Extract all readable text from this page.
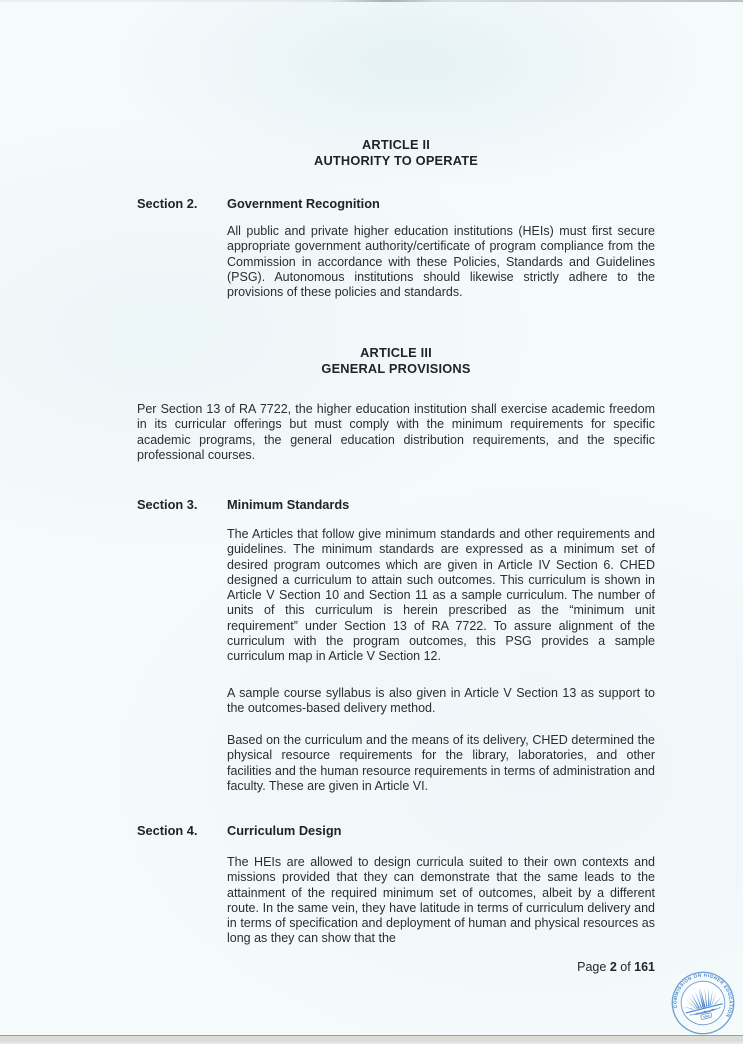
ARTICLE II
AUTHORITY TO OPERATE
Section 2. Government Recognition

All public and private higher education institutions (HEIs) must first secure appropriate government authority/certificate of program compliance from the Commission in accordance with these Policies, Standards and Guidelines (PSG). Autonomous institutions should likewise strictly adhere to the provisions of these policies and standards.

ARTICLE III
GENERAL PROVISIONS

Per Section 13 of RA 7722, the higher education institution shall exercise academic freedom in its curricular offerings but must comply with the minimum requirements for specific academic programs, the general education distribution requirements, and the specific professional courses.

Section 3. Minimum Standards

The Articles that follow give minimum standards and other requirements and guidelines. The minimum standards are expressed as a minimum set of desired program outcomes which are given in Article IV Section 6. CHED designed a curriculum to attain such outcomes. This curriculum is shown in Article V Section 10 and Section 11 as a sample curriculum. The number of units of this curriculum is herein prescribed as the “minimum unit requirement” under Section 13 of RA 7722. To assure alignment of the curriculum with the program outcomes, this PSG provides a sample curriculum map in Article V Section 12.

A sample course syllabus is also given in Article V Section 13 as support to the outcomes-based delivery method.

Based on the curriculum and the means of its delivery, CHED determined the physical resource requirements for the library, laboratories, and other facilities and the human resource requirements in terms of administration and faculty. These are given in Article VI.

Section 4. Curriculum Design

The HEIs are allowed to design curricula suited to their own contexts and missions provided that they can demonstrate that the same leads to the attainment of the required minimum set of outcomes, albeit by a different route. In the same vein, they have latitude in terms of curriculum delivery and in terms of specification and deployment of human and physical resources as long as they can show that the

Page 2 of 161
COMMISSION ON HIGHER EDUCATION
1994
